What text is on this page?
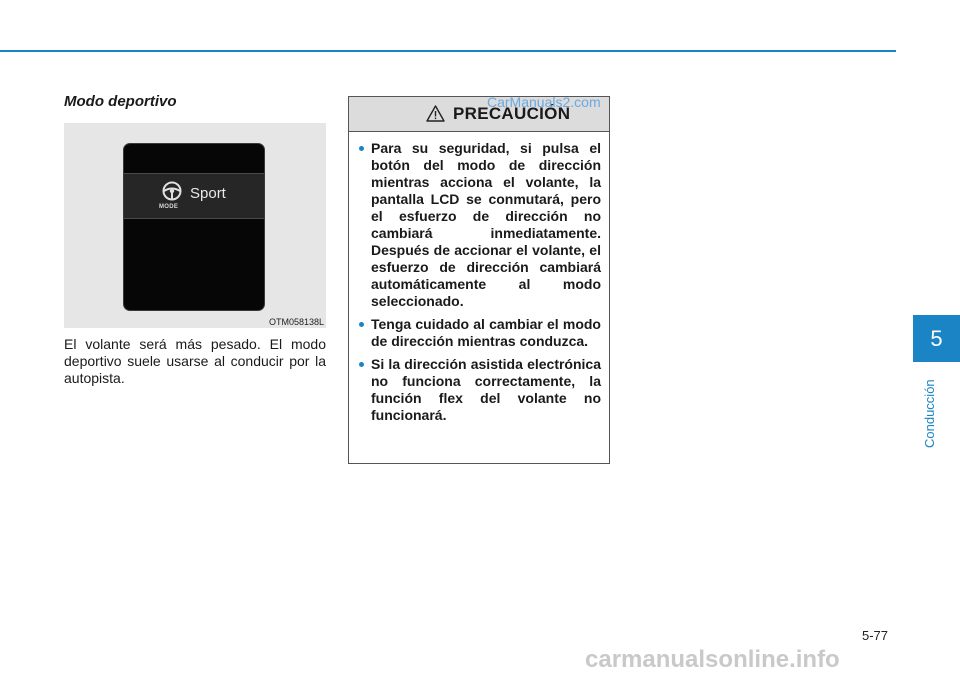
Modo deportivo
MODE
Sport
OTM058138L
El volante será más pesado. El modo deportivo suele usarse al conducir por la autopista.
PRECAUCIÓN
CarManuals2.com
Para su seguridad, si pulsa el botón del modo de dirección mientras acciona el volante, la pantalla LCD se conmutará, pero el esfuerzo de dirección no cambiará inmediatamente. Después de accionar el volante, el esfuerzo de dirección cambiará automáticamente al modo seleccionado.
Tenga cuidado al cambiar el modo de dirección mientras conduzca.
Si la dirección asistida electrónica no funciona correctamente, la función flex del volante no funcionará.
5
Conducción
5-77
carmanualsonline.info
